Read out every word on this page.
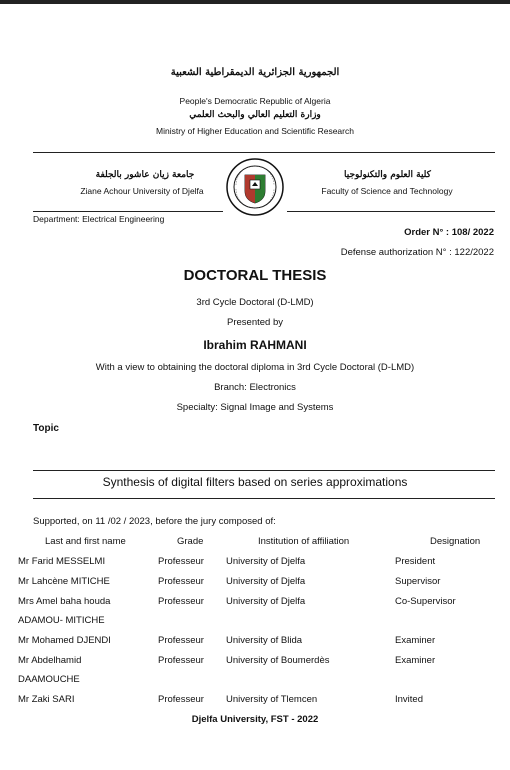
الجمهورية الجزائرية الديمقراطية الشعبية
People's Democratic Republic of Algeria
وزارة التعليم العالي والبحث العلمي
Ministry of Higher Education and Scientific Research
جامعة زيان عاشور بالجلفة
Ziane Achour University of Djelfa
كلية العلوم والتكنولوجيا
Faculty of Science and Technology
Department: Electrical Engineering
Order N° : 108/ 2022
Defense authorization N° : 122/2022
DOCTORAL THESIS
3rd Cycle Doctoral (D-LMD)
Presented by
Ibrahim RAHMANI
With a view to obtaining the doctoral diploma in 3rd Cycle Doctoral (D-LMD)
Branch: Electronics
Specialty: Signal Image and Systems
Topic
Synthesis of digital filters based on series approximations
Supported, on 11 /02 / 2023, before the jury composed of:
Last and first name	Grade	Institution of affiliation	Designation
Mr Farid MESSELMI	Professeur University of Djelfa	President
Mr Lahcène MITICHE	Professeur University of Djelfa	Supervisor
Mrs Amel baha houda	Professeur University of Djelfa	Co-Supervisor
ADAMOU- MITICHE
Mr Mohamed DJENDI	Professeur University of Blida	Examiner
Mr Abdelhamid	Professeur University of Boumerdès	Examiner
DAAMOUCHE
Mr Zaki SARI	Professeur University of Tlemcen	Invited
Djelfa University, FST - 2022
